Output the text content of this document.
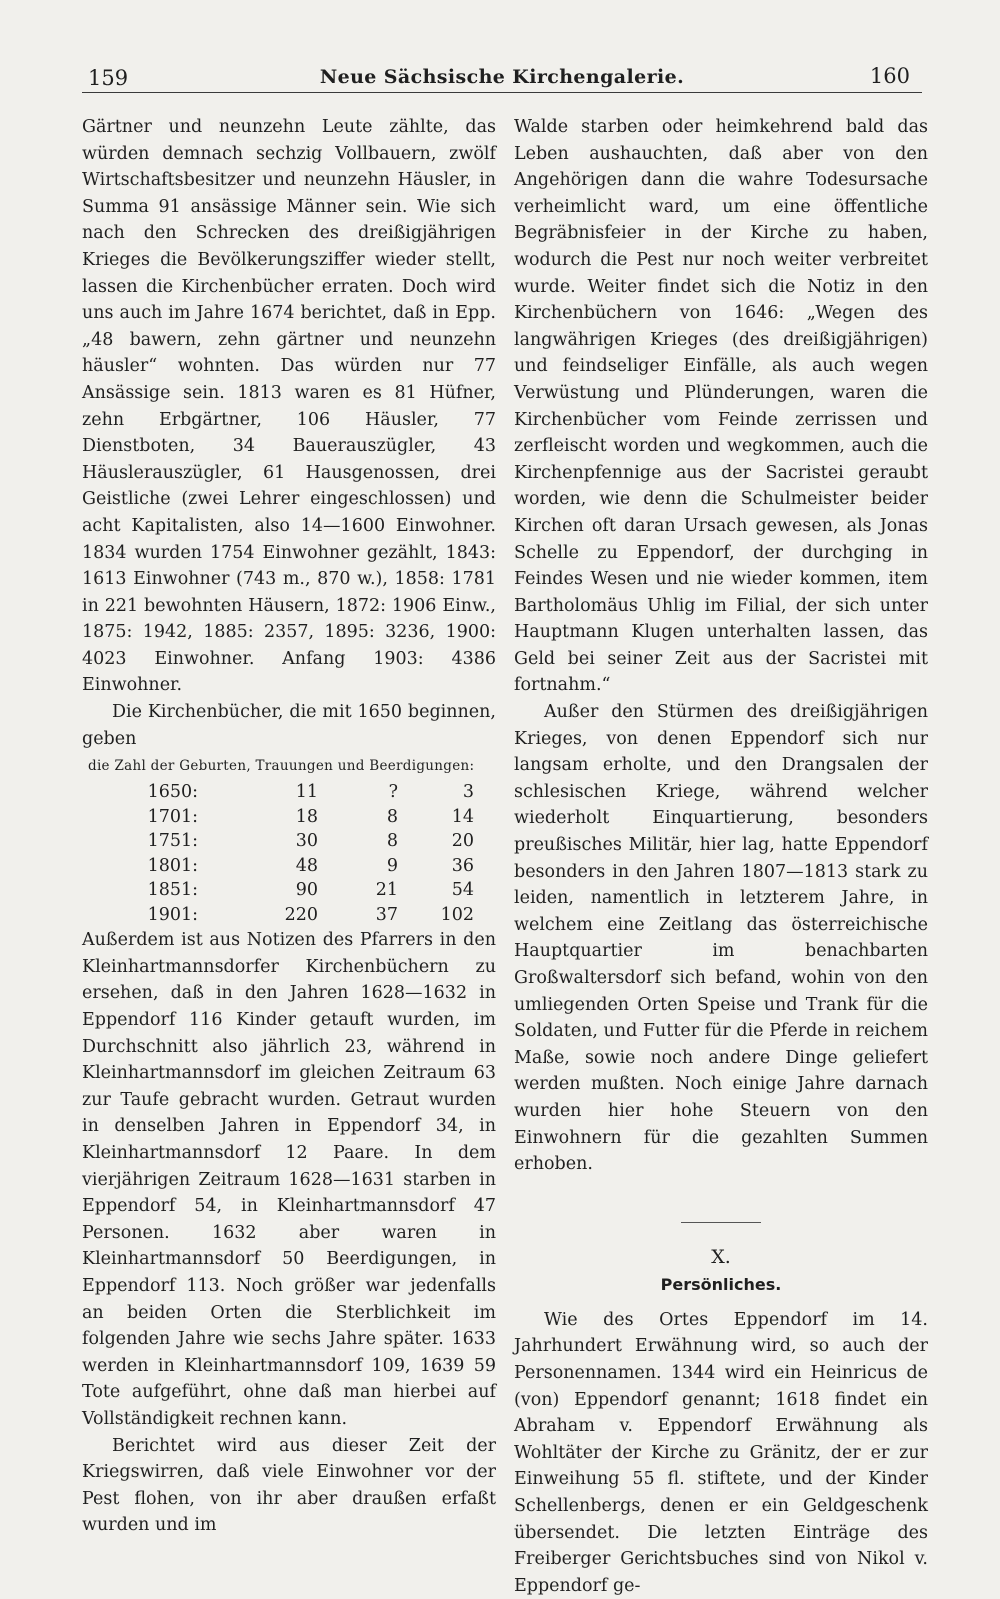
159	Neue Sächsische Kirchengalerie.	160

Gärtner und neunzehn Leute zählte, das würden demnach sechzig Vollbauern, zwölf Wirtschaftsbesitzer und neunzehn Häusler, in Summa 91 ansässige Männer sein. Wie sich nach den Schrecken des dreißigjährigen Krieges die Bevölkerungsziffer wieder stellt, lassen die Kirchenbücher erraten. Doch wird uns auch im Jahre 1674 berichtet, daß in Epp. „48 bawern, zehn gärtner und neunzehn häusler“ wohnten. Das würden nur 77 Ansässige sein. 1813 waren es 81 Hüfner, zehn Erbgärtner, 106 Häusler, 77 Dienstboten, 34 Bauerauszügler, 43 Häuslerauszügler, 61 Hausgenossen, drei Geistliche (zwei Lehrer eingeschlossen) und acht Kapitalisten, also 14—1600 Einwohner. 1834 wurden 1754 Einwohner gezählt, 1843: 1613 Einwohner (743 m., 870 w.), 1858: 1781 in 221 bewohnten Häusern, 1872: 1906 Einw., 1875: 1942, 1885: 2357, 1895: 3236, 1900: 4023 Einwohner. Anfang 1903: 4386 Einwohner.

Die Kirchenbücher, die mit 1650 beginnen, geben

die Zahl der Geburten, Trauungen und Beerdigungen:
1650:	11	?	3
1701:	18	8	14
1751:	30	8	20
1801:	48	9	36
1851:	90	21	54
1901:	220	37	102

Außerdem ist aus Notizen des Pfarrers in den Kleinhartmannsdorfer Kirchenbüchern zu ersehen, daß in den Jahren 1628—1632 in Eppendorf 116 Kinder getauft wurden, im Durchschnitt also jährlich 23, während in Kleinhartmannsdorf im gleichen Zeitraum 63 zur Taufe gebracht wurden. Getraut wurden in denselben Jahren in Eppendorf 34, in Kleinhartmannsdorf 12 Paare. In dem vierjährigen Zeitraum 1628—1631 starben in Eppendorf 54, in Kleinhartmannsdorf 47 Personen. 1632 aber waren in Kleinhartmannsdorf 50 Beerdigungen, in Eppendorf 113. Noch größer war jedenfalls an beiden Orten die Sterblichkeit im folgenden Jahre wie sechs Jahre später. 1633 werden in Kleinhartmannsdorf 109, 1639 59 Tote aufgeführt, ohne daß man hierbei auf Vollständigkeit rechnen kann.

Berichtet wird aus dieser Zeit der Kriegswirren, daß viele Einwohner vor der Pest flohen, von ihr aber draußen erfaßt wurden und im

Walde starben oder heimkehrend bald das Leben aushauchten, daß aber von den Angehörigen dann die wahre Todesursache verheimlicht ward, um eine öffentliche Begräbnisfeier in der Kirche zu haben, wodurch die Pest nur noch weiter verbreitet wurde. Weiter findet sich die Notiz in den Kirchenbüchern von 1646: „Wegen des langwährigen Krieges (des dreißigjährigen) und feindseliger Einfälle, als auch wegen Verwüstung und Plünderungen, waren die Kirchenbücher vom Feinde zerrissen und zerfleischt worden und wegkommen, auch die Kirchenpfennige aus der Sacristei geraubt worden, wie denn die Schulmeister beider Kirchen oft daran Ursach gewesen, als Jonas Schelle zu Eppendorf, der durchging in Feindes Wesen und nie wieder kommen, item Bartholomäus Uhlig im Filial, der sich unter Hauptmann Klugen unterhalten lassen, das Geld bei seiner Zeit aus der Sacristei mit fortnahm.“

Außer den Stürmen des dreißigjährigen Krieges, von denen Eppendorf sich nur langsam erholte, und den Drangsalen der schlesischen Kriege, während welcher wiederholt Einquartierung, besonders preußisches Militär, hier lag, hatte Eppendorf besonders in den Jahren 1807—1813 stark zu leiden, namentlich in letzterem Jahre, in welchem eine Zeitlang das österreichische Hauptquartier im benachbarten Großwaltersdorf sich befand, wohin von den umliegenden Orten Speise und Trank für die Soldaten, und Futter für die Pferde in reichem Maße, sowie noch andere Dinge geliefert werden mußten. Noch einige Jahre darnach wurden hier hohe Steuern von den Einwohnern für die gezahlten Summen erhoben.

X.
Persönliches.

Wie des Ortes Eppendorf im 14. Jahrhundert Erwähnung wird, so auch der Personennamen. 1344 wird ein Heinricus de (von) Eppendorf genannt; 1618 findet ein Abraham v. Eppendorf Erwähnung als Wohltäter der Kirche zu Gränitz, der er zur Einweihung 55 fl. stiftete, und der Kinder Schellenbergs, denen er ein Geldgeschenk übersendet. Die letzten Einträge des Freiberger Gerichtsbuches sind von Nikol v. Eppendorf ge-
